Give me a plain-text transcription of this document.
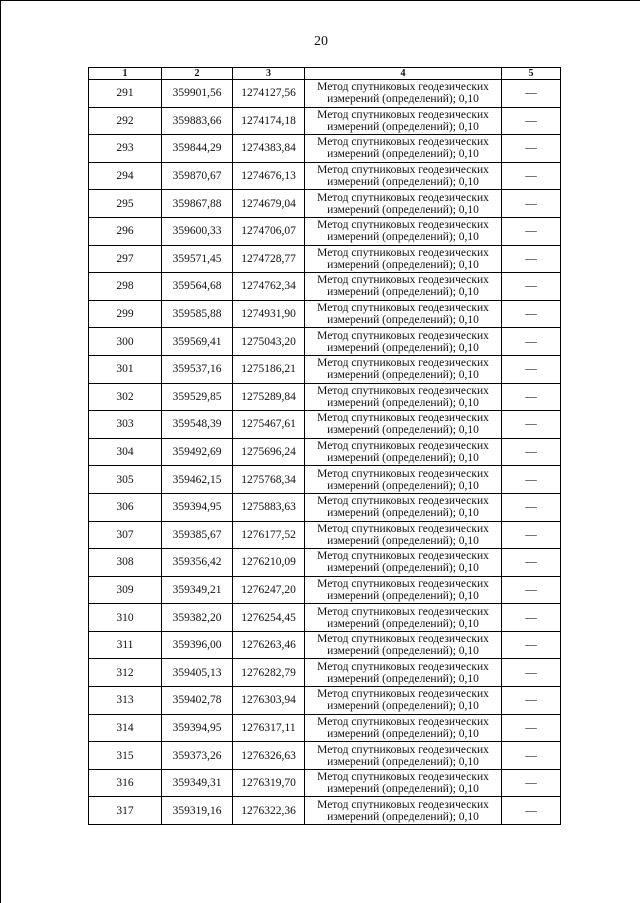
20
1	2	3	4	5
291	359901,56	1274127,56	Метод спутниковых геодезических
измерений (определений); 0,10	—
292	359883,66	1274174,18	Метод спутниковых геодезических
измерений (определений); 0,10	—
293	359844,29	1274383,84	Метод спутниковых геодезических
измерений (определений); 0,10	—
294	359870,67	1274676,13	Метод спутниковых геодезических
измерений (определений); 0,10	—
295	359867,88	1274679,04	Метод спутниковых геодезических
измерений (определений); 0,10	—
296	359600,33	1274706,07	Метод спутниковых геодезических
измерений (определений); 0,10	—
297	359571,45	1274728,77	Метод спутниковых геодезических
измерений (определений); 0,10	—
298	359564,68	1274762,34	Метод спутниковых геодезических
измерений (определений); 0,10	—
299	359585,88	1274931,90	Метод спутниковых геодезических
измерений (определений); 0,10	—
300	359569,41	1275043,20	Метод спутниковых геодезических
измерений (определений); 0,10	—
301	359537,16	1275186,21	Метод спутниковых геодезических
измерений (определений); 0,10	—
302	359529,85	1275289,84	Метод спутниковых геодезических
измерений (определений); 0,10	—
303	359548,39	1275467,61	Метод спутниковых геодезических
измерений (определений); 0,10	—
304	359492,69	1275696,24	Метод спутниковых геодезических
измерений (определений); 0,10	—
305	359462,15	1275768,34	Метод спутниковых геодезических
измерений (определений); 0,10	—
306	359394,95	1275883,63	Метод спутниковых геодезических
измерений (определений); 0,10	—
307	359385,67	1276177,52	Метод спутниковых геодезических
измерений (определений); 0,10	—
308	359356,42	1276210,09	Метод спутниковых геодезических
измерений (определений); 0,10	—
309	359349,21	1276247,20	Метод спутниковых геодезических
измерений (определений); 0,10	—
310	359382,20	1276254,45	Метод спутниковых геодезических
измерений (определений); 0,10	—
311	359396,00	1276263,46	Метод спутниковых геодезических
измерений (определений); 0,10	—
312	359405,13	1276282,79	Метод спутниковых геодезических
измерений (определений); 0,10	—
313	359402,78	1276303,94	Метод спутниковых геодезических
измерений (определений); 0,10	—
314	359394,95	1276317,11	Метод спутниковых геодезических
измерений (определений); 0,10	—
315	359373,26	1276326,63	Метод спутниковых геодезических
измерений (определений); 0,10	—
316	359349,31	1276319,70	Метод спутниковых геодезических
измерений (определений); 0,10	—
317	359319,16	1276322,36	Метод спутниковых геодезических
измерений (определений); 0,10	—
